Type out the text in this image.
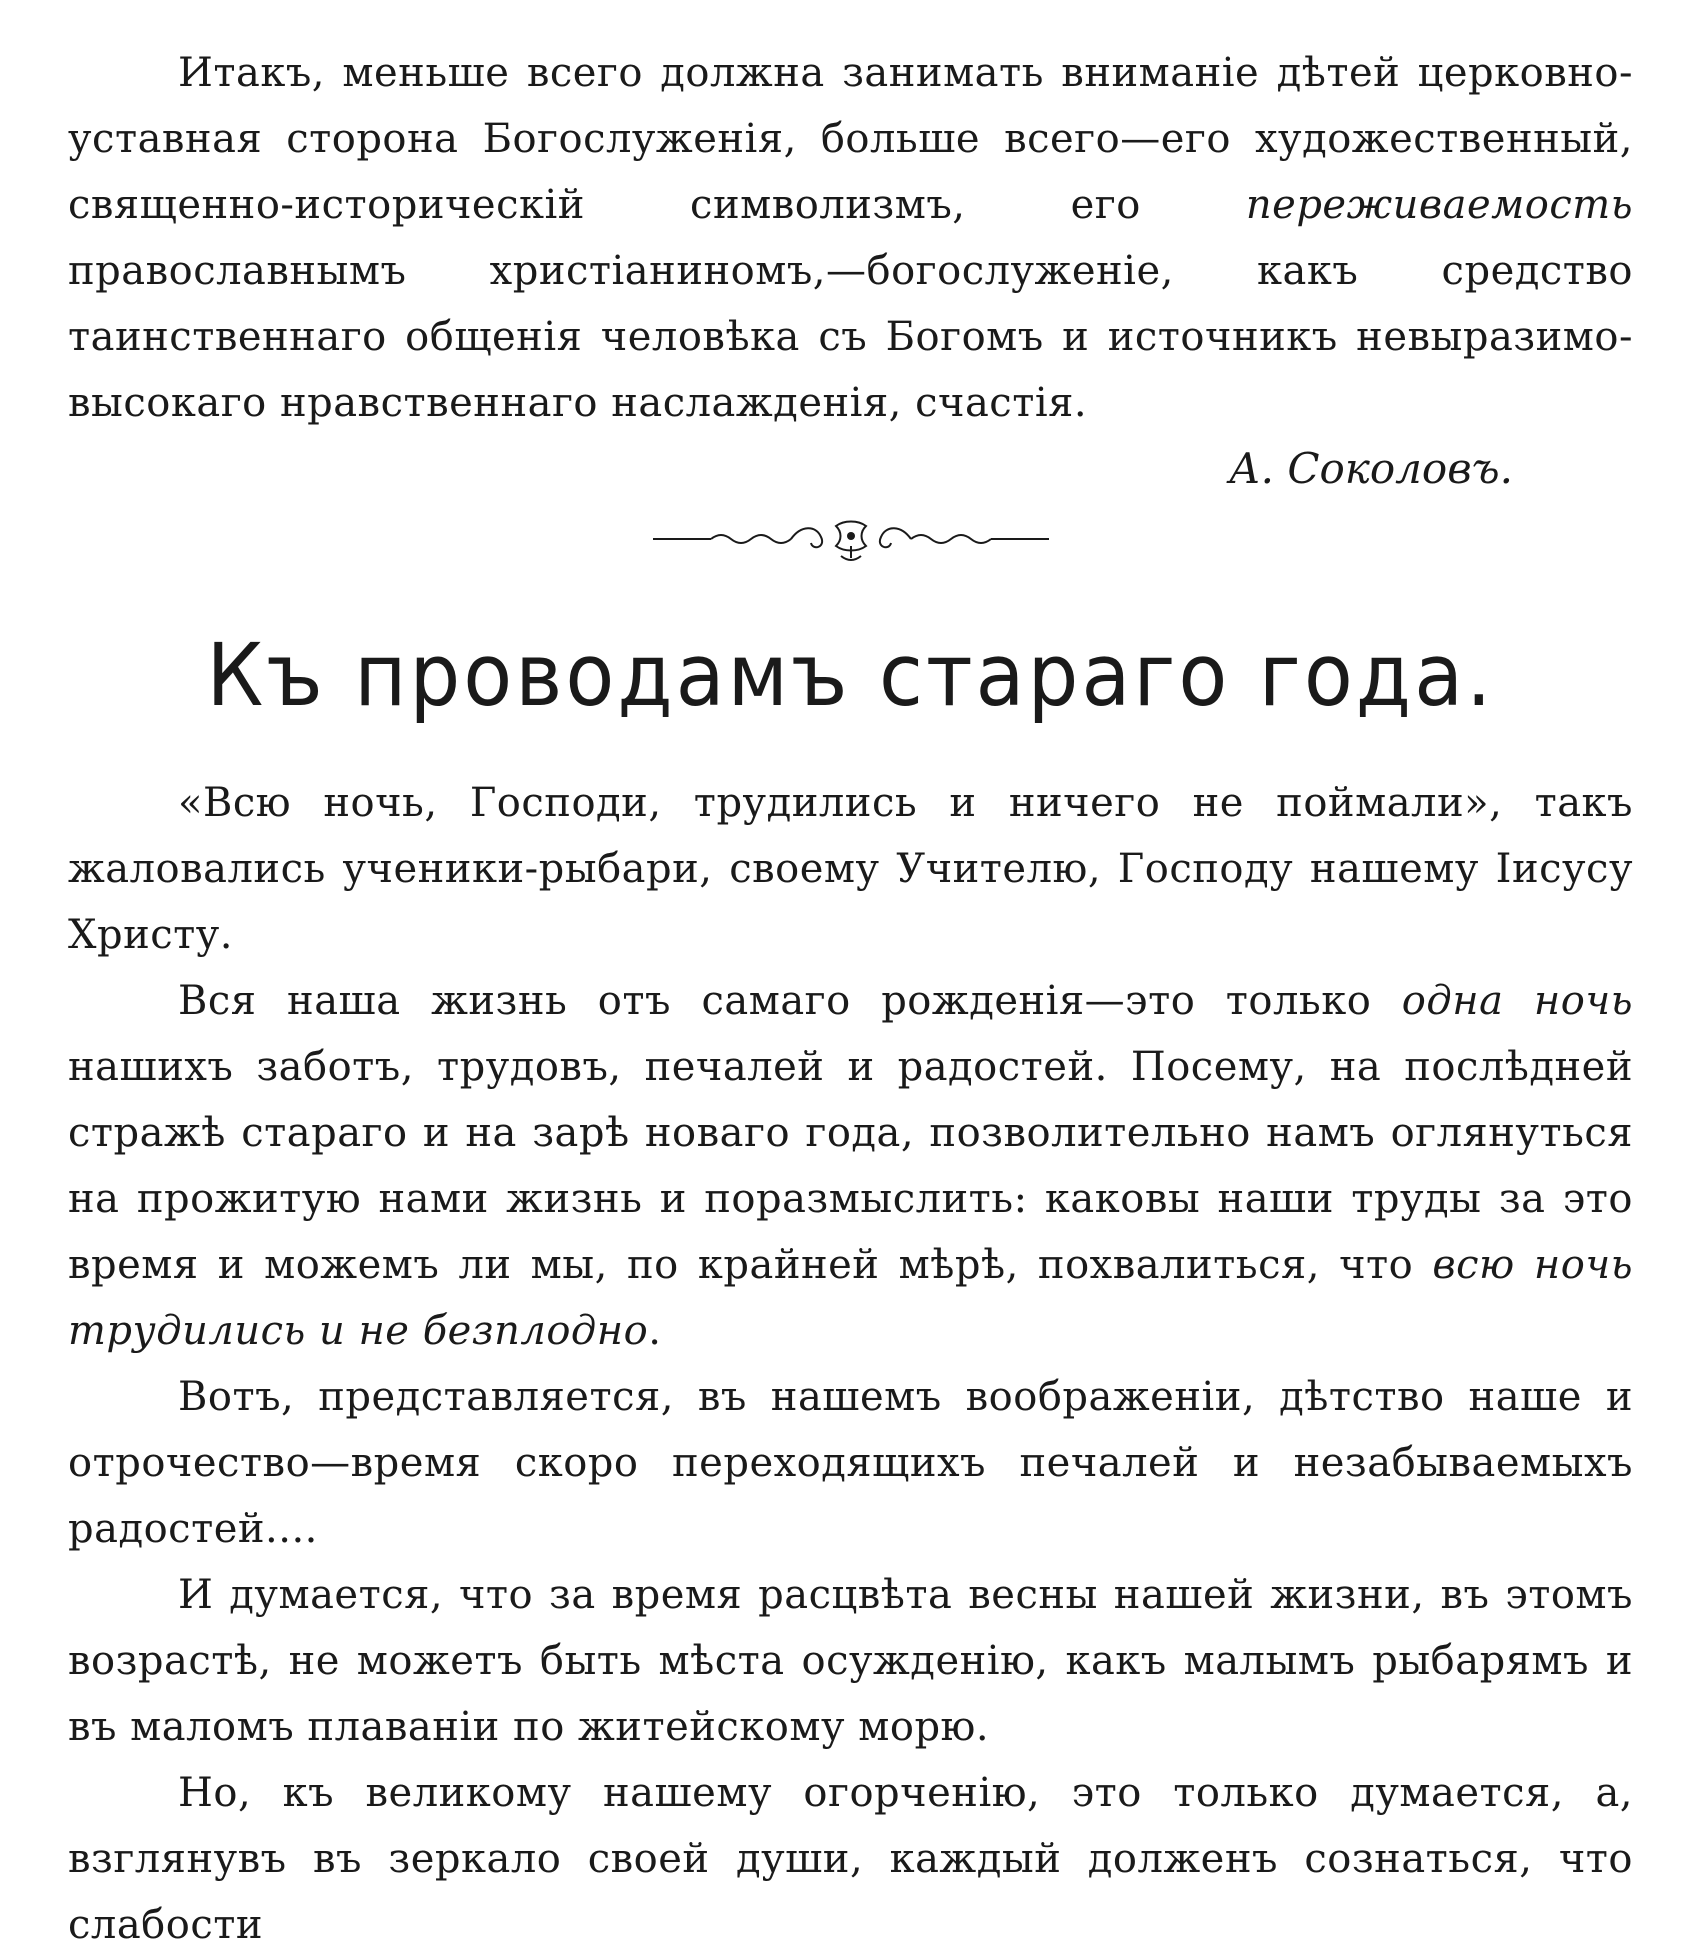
Итакъ, меньше всего должна занимать вниманіе дѣтей церковно-уставная сторона Богослуженія, больше всего—его художественный, священно-историческій символизмъ, его переживаемость православнымъ христіаниномъ,—богослуженіе, какъ средство таинственнаго общенія человѣка съ Богомъ и источникъ невыразимо-высокаго нравственнаго наслажденія, счастія.

А. Соколовъ.

Къ проводамъ стараго года.

«Всю ночь, Господи, трудились и ничего не поймали», такъ жаловались ученики-рыбари, своему Учителю, Господу нашему Іисусу Христу.

Вся наша жизнь отъ самаго рожденія—это только одна ночь нашихъ заботъ, трудовъ, печалей и радостей. Посему, на послѣдней стражѣ стараго и на зарѣ новаго года, позволительно намъ оглянуться на прожитую нами жизнь и поразмыслить: каковы наши труды за это время и можемъ ли мы, по крайней мѣрѣ, похвалиться, что всю ночь трудились и не безплодно.

Вотъ, представляется, въ нашемъ воображеніи, дѣтство наше и отрочество—время скоро переходящихъ печалей и незабываемыхъ радостей....

И думается, что за время расцвѣта весны нашей жизни, въ этомъ возрастѣ, не можетъ быть мѣста осужденію, какъ малымъ рыбарямъ и въ маломъ плаваніи по житейскому морю.

Но, къ великому нашему огорченію, это только думается, а, взглянувъ въ зеркало своей души, каждый долженъ сознаться, что слабости
